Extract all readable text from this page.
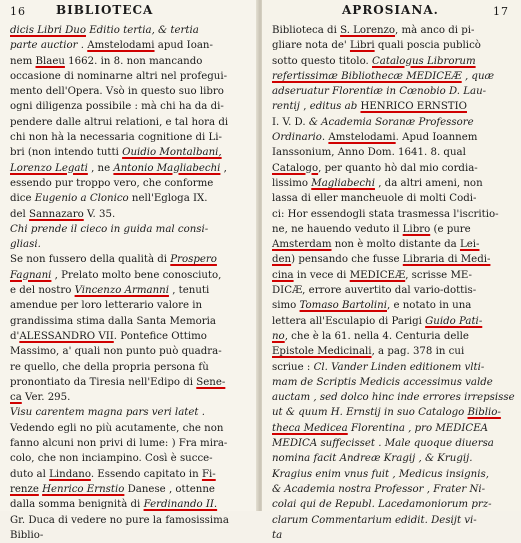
16	BIBLIOTECA
dicis Libri Duo Editio tertia, & tertia
parte auctior . Amstelodami apud Ioan-
nem Blaeu 1662. in 8. non mancando
occasione di nominarne altri nel profegui-
mento dell'Opera. Vsò in questo suo libro
ogni diligenza possibile : mà chi ha da di-
pendere dalle altrui relationi, e tal hora di
chi non hà la necessaria cognitione di Li-
bri (non intendo tutti Ouidio Montalbani,
Lorenzo Legati , ne Antonio Magliabechi ,
essendo pur troppo vero, che conforme
dice Eugenio a Clonico nell'Egloga IX.
del Sannazaro V. 35.
Chi prende il cieco in guida mal consi-
gliasi.
Se non fussero della qualità di Prospero
Fagnani , Prelato molto bene conosciuto,
e del nostro Vincenzo Armanni , tenuti
amendue per loro letterario valore in
grandissima stima dalla Santa Memoria
d'ALESSANDRO VII. Pontefice Ottimo
Massimo, a' quali non punto può quadra-
re quello, che della propria persona fù
pronontiato da Tiresia nell'Edipo di Sene-
ca Ver. 295.
Visu carentem magna pars veri latet .
Vedendo egli no più acutamente, che non
fanno alcuni non privi di lume: ) Fra mira-
colo, che non inciampino. Così è succe-
duto al Lindano. Essendo capitato in Fi-
renze Henrico Ernstio Danese , ottenne
dalla somma benignità di Ferdinando II.
Gr. Duca di vedere no pure la famosissima
Biblio-
APROSIANA.	17
Biblioteca di S. Lorenzo, mà anco di pi-
gliare nota de' Libri quali poscia publicò
sotto questo titolo. Catalogus Librorum
refertissimæ Bibliothecæ MEDICEÆ , quæ
adseruatur Florentiæ in Cœnobio D. Lau-
rentij , editus ab HENRICO ERNSTIO
I. V. D. & Academia Soranæ Professore
Ordinario. Amstelodami. Apud Ioannem
Ianssonium, Anno Dom. 1641. 8. qual
Catalogo, per quanto hò dal mio cordia-
lissimo Magliabechi , da altri ameni, non
lassa di eller mancheuole di molti Codi-
ci: Hor essendogli stata trasmessa l'iscritio-
ne, ne hauendo veduto il Libro (e pure
Amsterdam non è molto distante da Lei-
den) pensando che fusse Libraria di Medi-
cina in vece di MEDICEÆ, scrisse ME-
DICÆ, errore auvertito dal vario-dottis-
simo Tomaso Bartolini, e notato in una
lettera all'Esculapio di Parigi Guido Pati-
no, che è la 61. nella 4. Centuria delle
Epistole Medicinali, a pag. 378 in cui
scriue : Cl. Vander Linden editionem vlti-
mam de Scriptis Medicis accessimus valde
auctam , sed dolco hinc inde errores irrepsisse
ut & quum H. Ernstij in suo Catalogo Biblio-
theca Medicea Florentina , pro MEDICEA
MEDICA suffecisset . Male quoque diuersa
nomina facit Andreæ Kragij , & Krugij.
Kragius enim vnus fuit , Medicus insignis,
& Academia nostra Professor , Frater Ni-
colai qui de Republ. Lacedamoniorum prz-
clarum Commentarium edidit. Desijt vi-
ta
